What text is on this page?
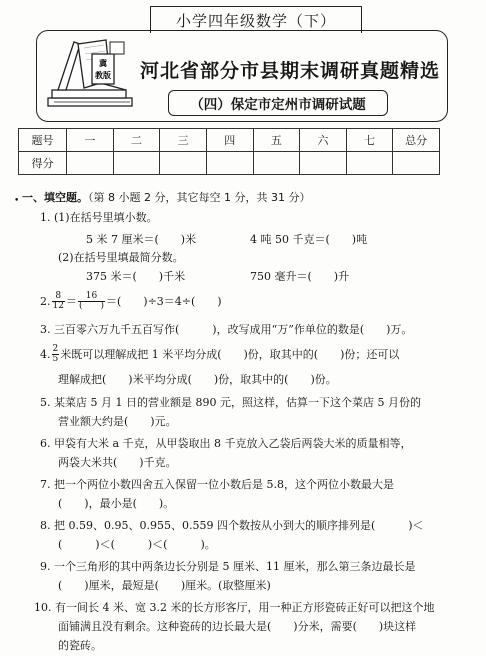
小学四年级数学（下）
冀
教版	河北省部分市县期末调研真题精选
（四）保定市定州市调研试题
题号	一	二	三	四	五	六	七	总分
得分								
• 一、填空题。（第 8 小题 2 分，其它每空 1 分，共 31 分）
1. (1)在括号里填小数。
5 米 7 厘米＝(　　)米	4 吨 50 千克＝(　　)吨
(2)在括号里填最简分数。
375 米＝(　　)千米	750 毫升＝(　　)升
2. $\frac{8}{12} = \frac{16}{( )}$ ＝(　　)÷3＝4÷(　　)
3. 三百零六万九千五百写作(　　　)，改写成用“万”作单位的数是(　　)万。
4. $\frac{2}{5}$ 米既可以理解成把 1 米平均分成(　　)份，取其中的(　　)份；还可以
理解成把(　　)米平均分成(　　)份，取其中的(　　)份。
5. 某菜店 5 月 1 日的营业额是 890 元，照这样，估算一下这个菜店 5 月份的
营业额大约是(　　)元。
6. 甲袋有大米 a 千克，从甲袋取出 8 千克放入乙袋后两袋大米的质量相等，
两袋大米共(　　)千克。
7. 把一个两位小数四舍五入保留一位小数后是 5.8，这个两位小数最大是
(　　)，最小是(　　)。
8. 把 0.59、0.95、0.955、0.559 四个数按从小到大的顺序排列是(　　　)＜
(　　　)＜(　　　)＜(　　　)。
9. 一个三角形的其中两条边长分别是 5 厘米、11 厘米，那么第三条边最长是
(　　)厘米，最短是(　　)厘米。(取整厘米)
10. 有一间长 4 米、宽 3.2 米的长方形客厅，用一种正方形瓷砖正好可以把这个地
面铺满且没有剩余。这种瓷砖的边长最大是(　　)分米，需要(　　)块这样
的瓷砖。
